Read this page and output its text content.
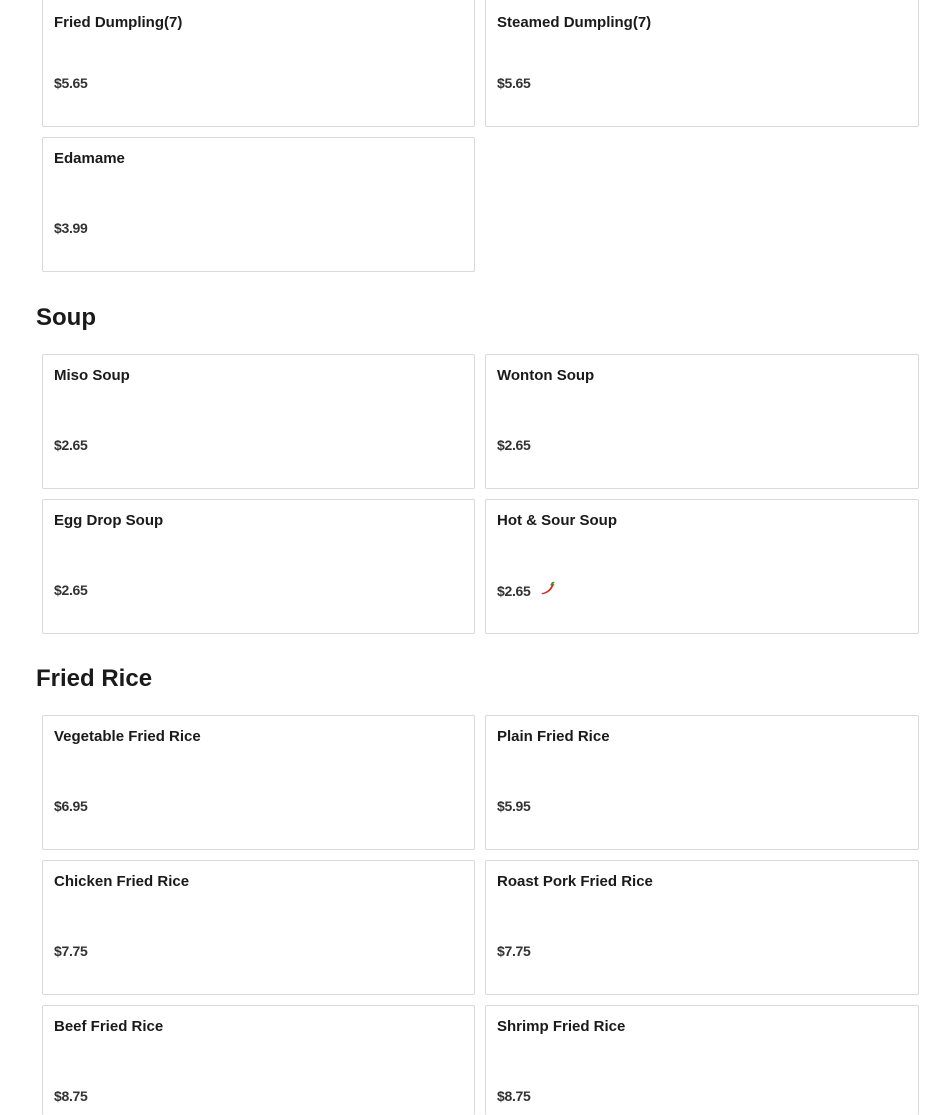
Fried Dumpling(7)
$5.65
Steamed Dumpling(7)
$5.65
Edamame
$3.99
Soup
Miso Soup
$2.65
Wonton Soup
$2.65
Egg Drop Soup
$2.65
Hot & Sour Soup
$2.65
Fried Rice
Vegetable Fried Rice
$6.95
Plain Fried Rice
$5.95
Chicken Fried Rice
$7.75
Roast Pork Fried Rice
$7.75
Beef Fried Rice
$8.75
Shrimp Fried Rice
$8.75
